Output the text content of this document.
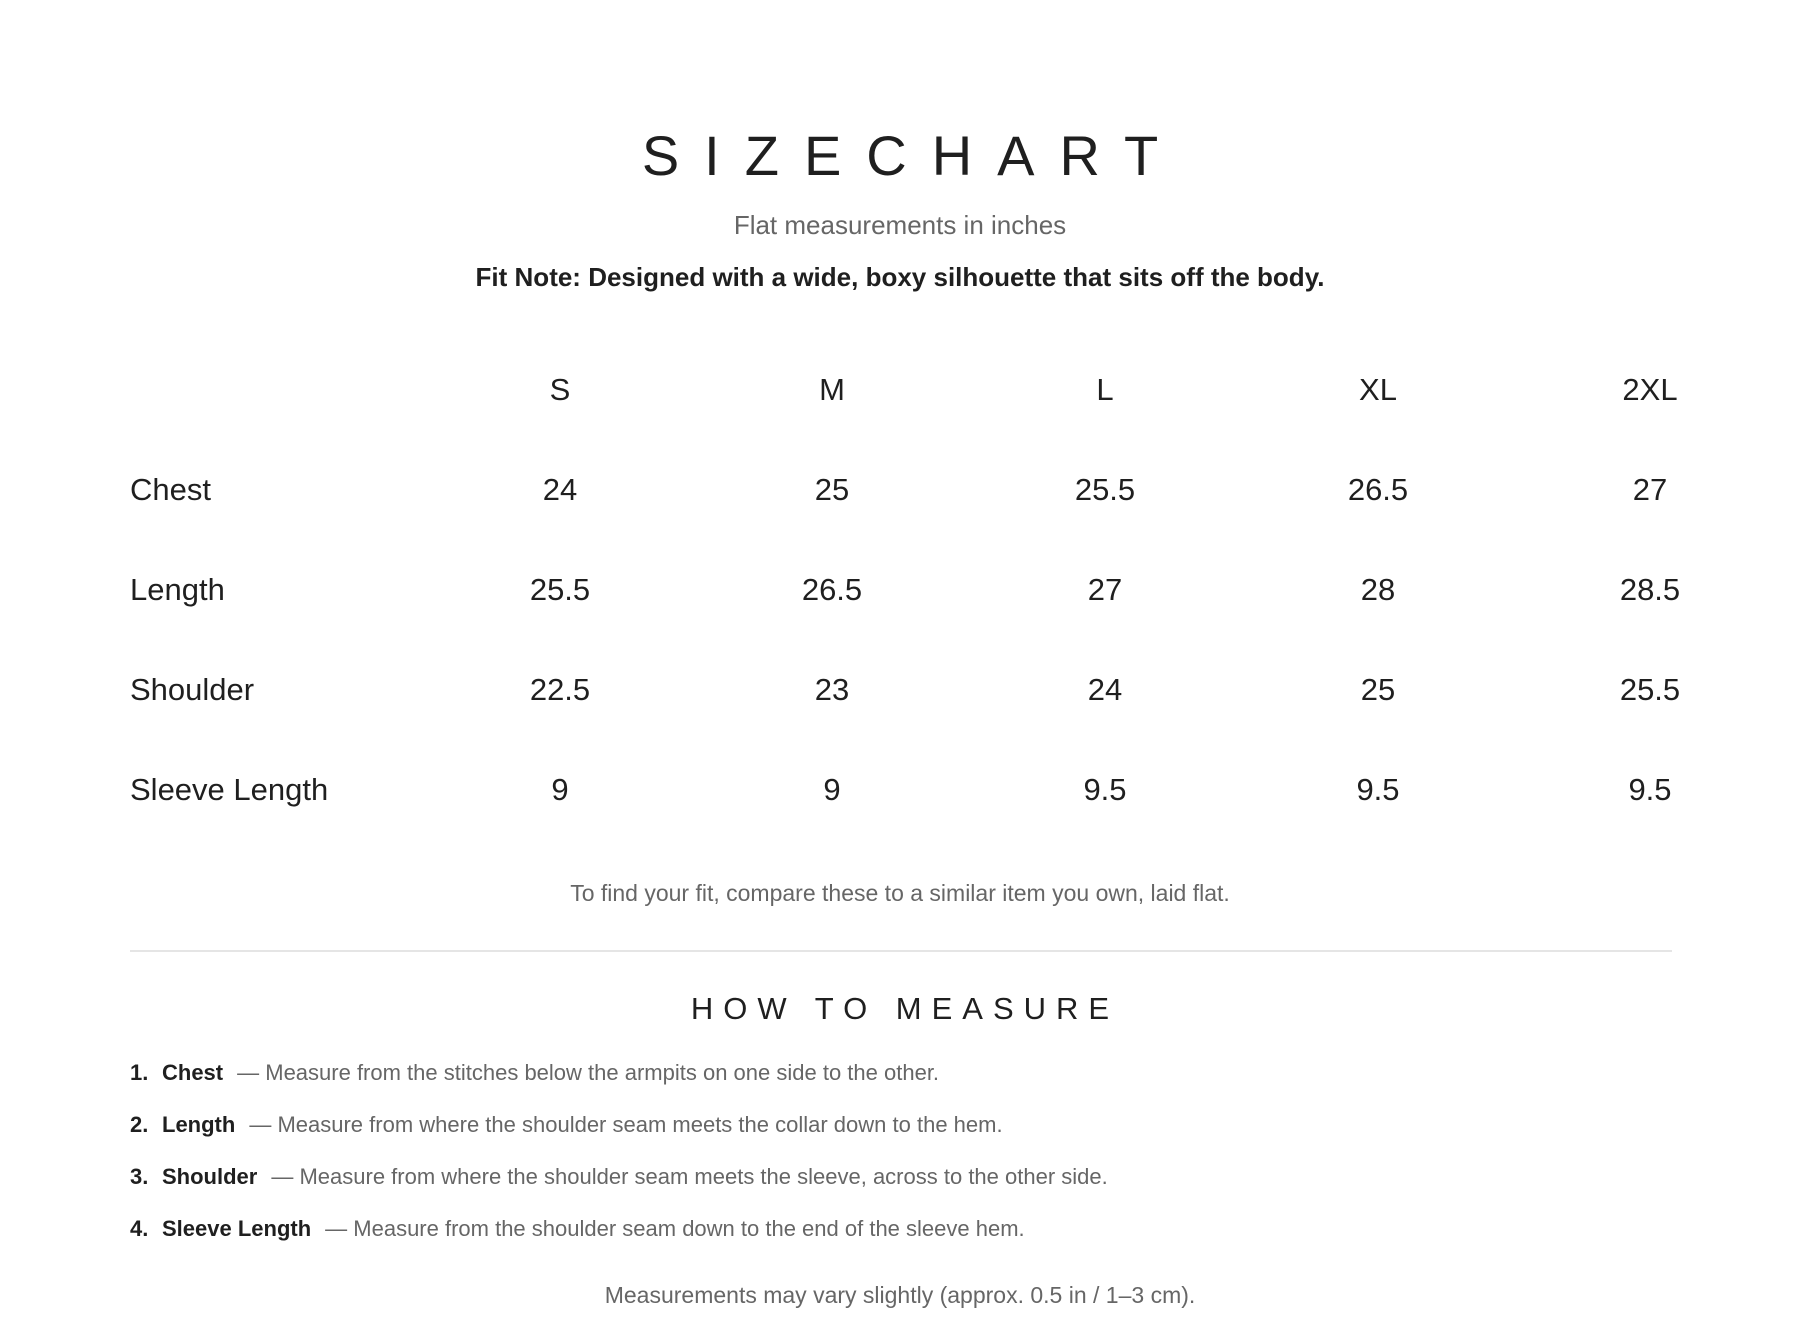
SIZECHART
Flat measurements in inches
Fit Note: Designed with a wide, boxy silhouette that sits off the body.
S	M	L	XL	2XL
Chest	24	25	25.5	26.5	27
Length	25.5	26.5	27	28	28.5
Shoulder	22.5	23	24	25	25.5
Sleeve Length	9	9	9.5	9.5	9.5
To find your fit, compare these to a similar item you own, laid flat.
HOW TO MEASURE
1. Chest — Measure from the stitches below the armpits on one side to the other.
2. Length — Measure from where the shoulder seam meets the collar down to the hem.
3. Shoulder — Measure from where the shoulder seam meets the sleeve, across to the other side.
4. Sleeve Length — Measure from the shoulder seam down to the end of the sleeve hem.
Measurements may vary slightly (approx. 0.5 in / 1–3 cm).
